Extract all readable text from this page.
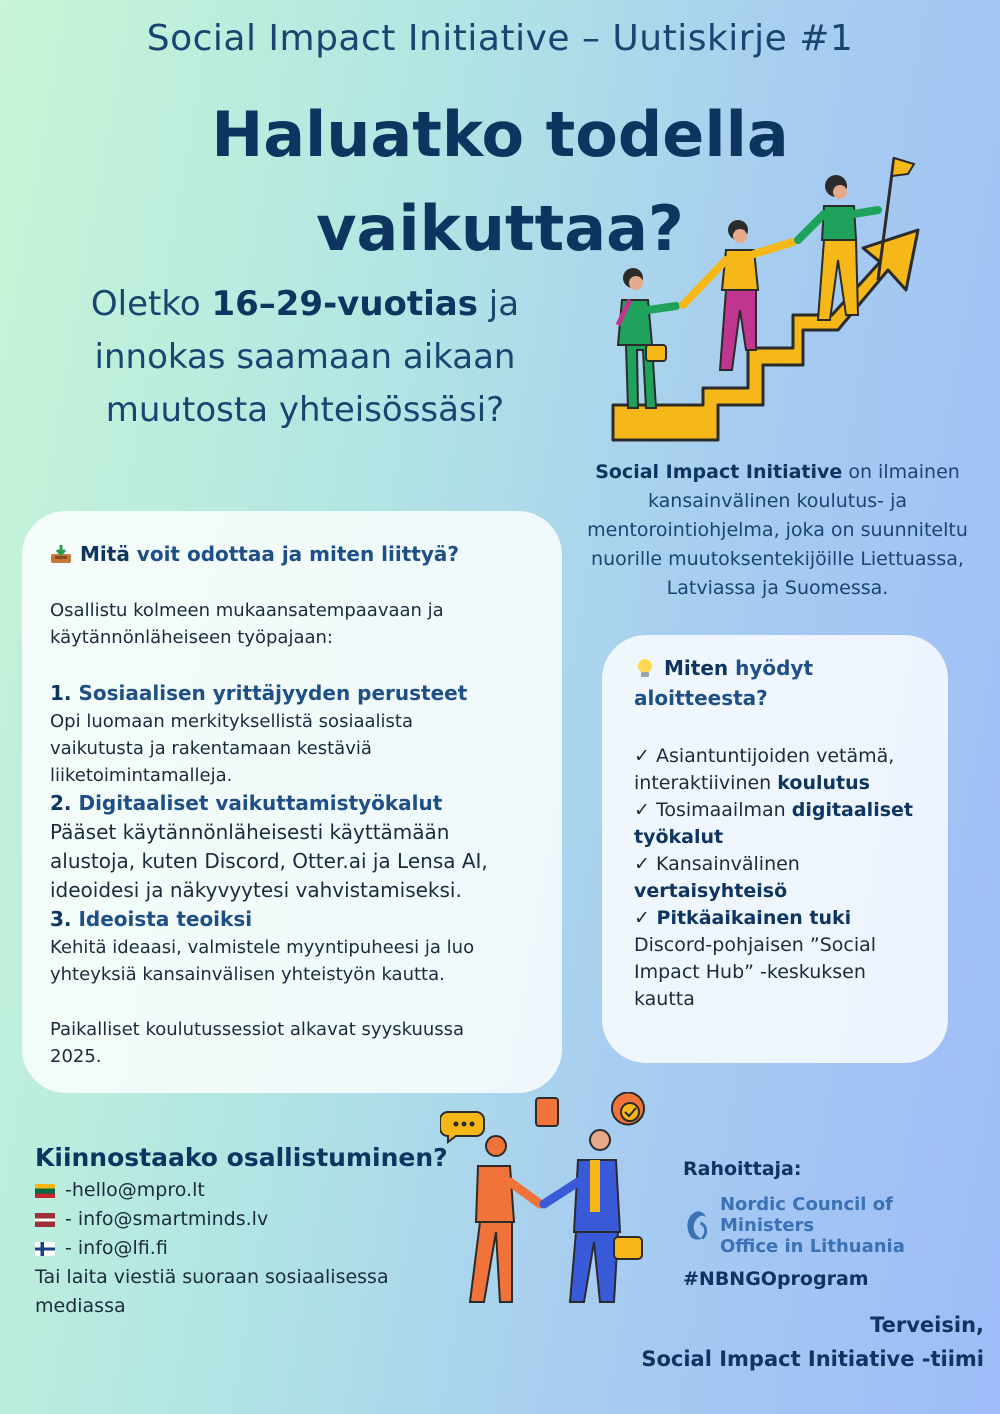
Social Impact Initiative – Uutiskirje #1
Haluatko todella
vaikuttaa?
Oletko 16–29-vuotias ja innokas saamaan aikaan muutosta yhteisössäsi?
Social Impact Initiative on ilmainen kansainvälinen koulutus- ja mentorointiohjelma, joka on suunniteltu nuorille muutoksentekijöille Liettuassa, Latviassa ja Suomessa.
Mitä voit odottaa ja miten liittyä?
Osallistu kolmeen mukaansatempaavaan ja käytännönläheiseen työpajaan:
1. Sosiaalisen yrittäjyyden perusteet
Opi luomaan merkityksellistä sosiaalista vaikutusta ja rakentamaan kestäviä liiketoimintamalleja.
2. Digitaaliset vaikuttamistyökalut
Pääset käytännönläheisesti käyttämään alustoja, kuten Discord, Otter.ai ja Lensa AI, ideoidesi ja näkyvyytesi vahvistamiseksi.
3. Ideoista teoiksi
Kehitä ideaasi, valmistele myyntipuheesi ja luo yhteyksiä kansainvälisen yhteistyön kautta.
Paikalliset koulutussessiot alkavat syyskuussa 2025.
Miten hyödyt aloitteesta?
✓ Asiantuntijoiden vetämä, interaktiivinen koulutus
✓ Tosimaailman digitaaliset työkalut
✓ Kansainvälinen vertaisyhteisö
✓ Pitkäaikainen tuki
Discord-pohjaisen ”Social Impact Hub” -keskuksen kautta
Kiinnostaako osallistuminen?
-hello@mpro.lt
- info@smartminds.lv
- info@lfi.fi
Tai laita viestiä suoraan sosiaalisessa mediassa
Rahoittaja:
Nordic Council of Ministers
Office in Lithuania
#NBNGOprogram
Terveisin,
Social Impact Initiative -tiimi
